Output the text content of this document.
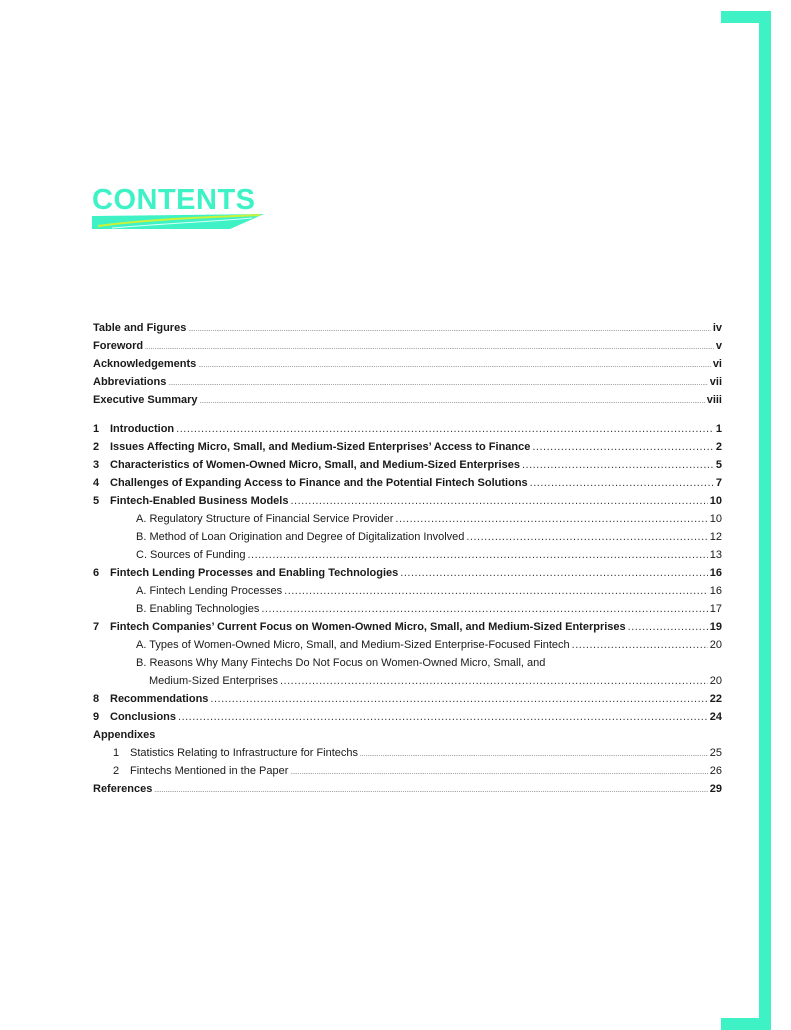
CONTENTS
Table and Figures .....	iv
Foreword .....	v
Acknowledgements .....	vi
Abbreviations .....	vii
Executive Summary .....	viii
1 Introduction .....	1
2 Issues Affecting Micro, Small, and Medium-Sized Enterprises’ Access to Finance .....	2
3 Characteristics of Women-Owned Micro, Small, and Medium-Sized Enterprises .....	5
4 Challenges of Expanding Access to Finance and the Potential Fintech Solutions .....	7
5 Fintech-Enabled Business Models .....	10
A. Regulatory Structure of Financial Service Provider .....	10
B. Method of Loan Origination and Degree of Digitalization Involved .....	12
C. Sources of Funding .....	13
6 Fintech Lending Processes and Enabling Technologies .....	16
A. Fintech Lending Processes .....	16
B. Enabling Technologies .....	17
7 Fintech Companies’ Current Focus on Women-Owned Micro, Small, and Medium-Sized Enterprises .....	19
A. Types of Women-Owned Micro, Small, and Medium-Sized Enterprise-Focused Fintech .....	20
B. Reasons Why Many Fintechs Do Not Focus on Women-Owned Micro, Small, and
Medium-Sized Enterprises .....	20
8 Recommendations .....	22
9 Conclusions .....	24
Appendixes
1 Statistics Relating to Infrastructure for Fintechs .....	25
2 Fintechs Mentioned in the Paper .....	26
References .....	29
